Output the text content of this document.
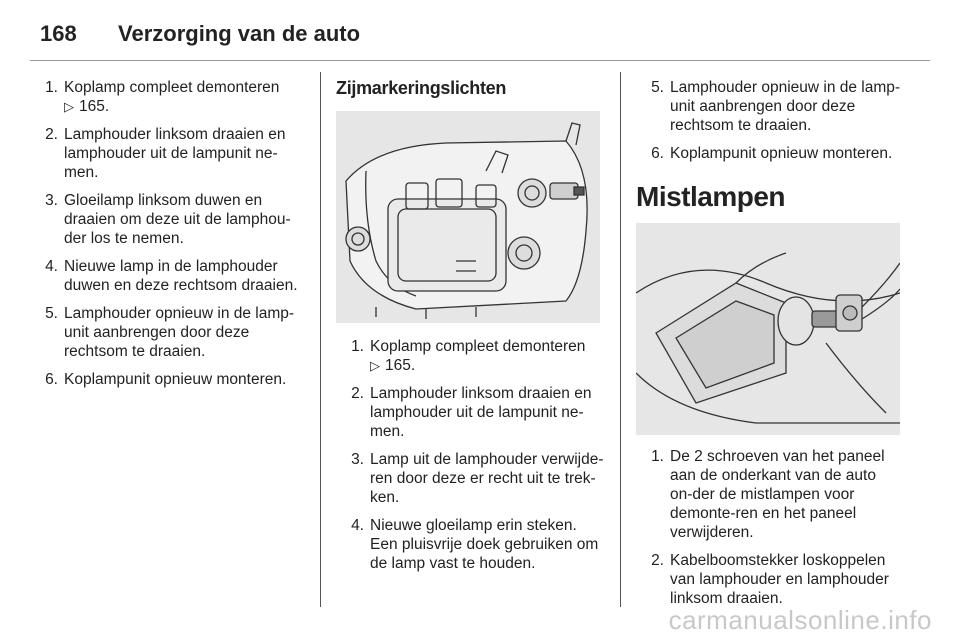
168	Verzorging van de auto
1. Koplamp compleet demonteren
▷ 165.
2. Lamphouder linksom draaien en lamphouder uit de lampunit ne-men.
3. Gloeilamp linksom duwen en draaien om deze uit de lamphou-der los te nemen.
4. Nieuwe lamp in de lamphouder duwen en deze rechtsom draaien.
5. Lamphouder opnieuw in de lamp-unit aanbrengen door deze rechtsom te draaien.
6. Koplampunit opnieuw monteren.
Zijmarkeringslichten
1. Koplamp compleet demonteren
▷ 165.
2. Lamphouder linksom draaien en lamphouder uit de lampunit ne-men.
3. Lamp uit de lamphouder verwijde-ren door deze er recht uit te trek-ken.
4. Nieuwe gloeilamp erin steken. Een pluisvrije doek gebruiken om de lamp vast te houden.
5. Lamphouder opnieuw in de lamp-unit aanbrengen door deze rechtsom te draaien.
6. Koplampunit opnieuw monteren.
Mistlampen
1. De 2 schroeven van het paneel aan de onderkant van de auto on-der de mistlampen voor demonte-ren en het paneel verwijderen.
2. Kabelboomstekker loskoppelen van lamphouder en lamphouder linksom draaien.
carmanualsonline.info
